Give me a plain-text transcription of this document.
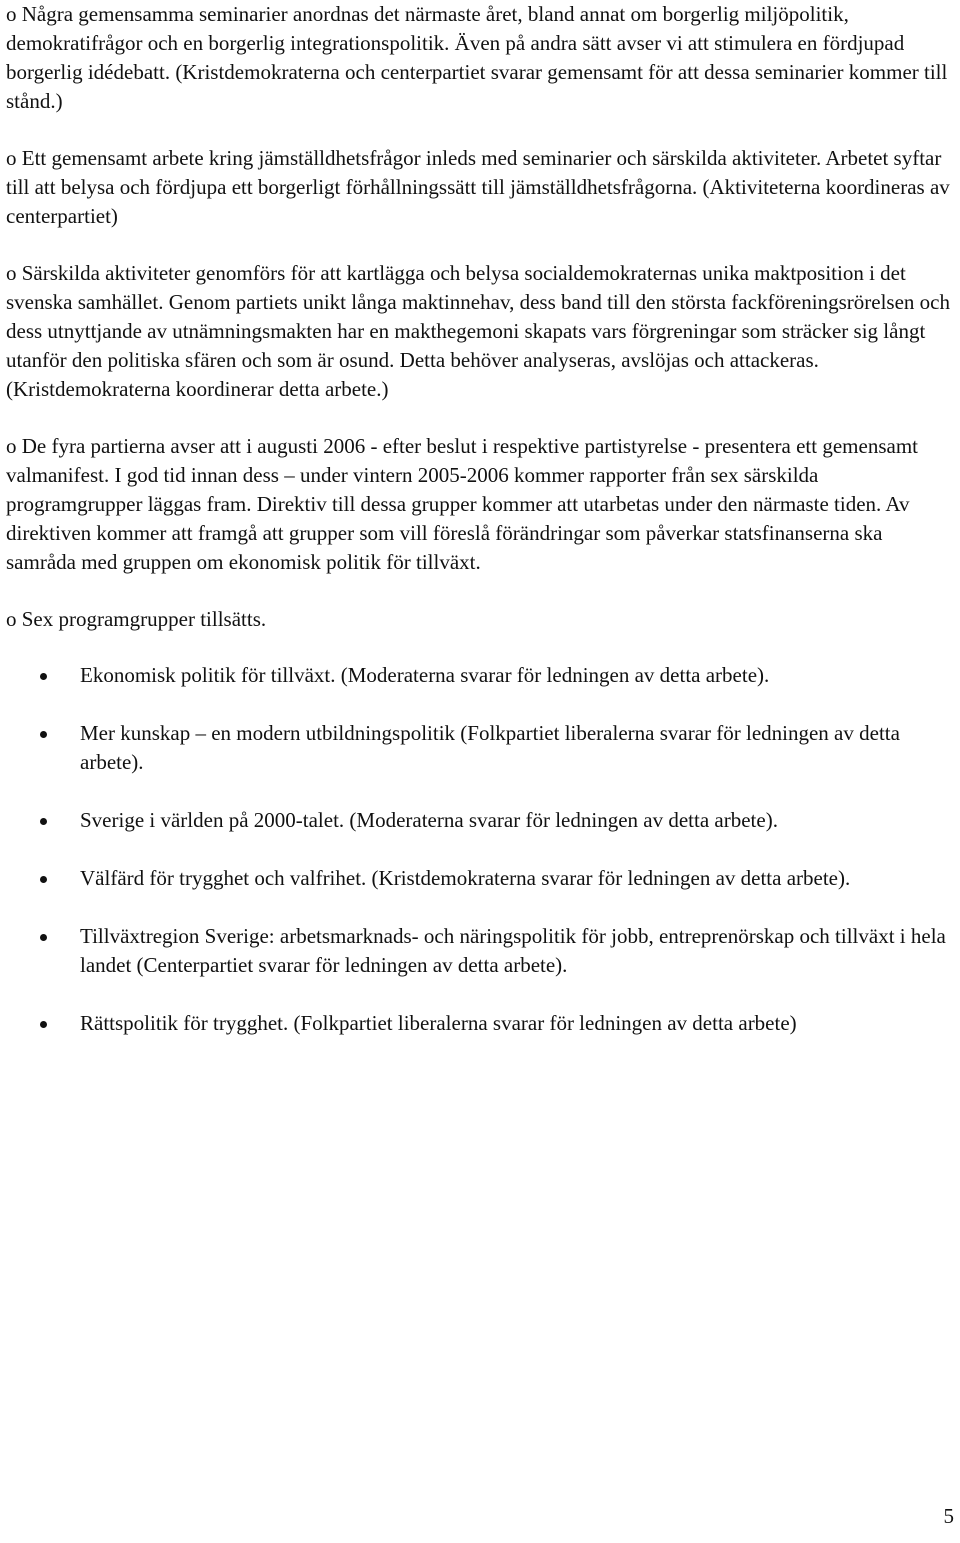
o Några gemensamma seminarier anordnas det närmaste året, bland annat om borgerlig miljöpolitik, demokratifrågor och en borgerlig integrationspolitik. Även på andra sätt avser vi att stimulera en fördjupad borgerlig idédebatt. (Kristdemokraterna och centerpartiet svarar gemensamt för att dessa seminarier kommer till stånd.)

o Ett gemensamt arbete kring jämställdhetsfrågor inleds med seminarier och särskilda aktiviteter. Arbetet syftar till att belysa och fördjupa ett borgerligt förhållningssätt till jämställdhetsfrågorna. (Aktiviteterna koordineras av centerpartiet)

o Särskilda aktiviteter genomförs för att kartlägga och belysa socialdemokraternas unika maktposition i det svenska samhället. Genom partiets unikt långa maktinnehav, dess band till den största fackföreningsrörelsen och dess utnyttjande av utnämningsmakten har en makthegemoni skapats vars förgreningar som sträcker sig långt utanför den politiska sfären och som är osund. Detta behöver analyseras, avslöjas och attackeras. (Kristdemokraterna koordinerar detta arbete.)

o De fyra partierna avser att i augusti 2006 - efter beslut i respektive partistyrelse - presentera ett gemensamt valmanifest. I god tid innan dess – under vintern 2005-2006 kommer rapporter från sex särskilda programgrupper läggas fram. Direktiv till dessa grupper kommer att utarbetas under den närmaste tiden. Av direktiven kommer att framgå att grupper som vill föreslå förändringar som påverkar statsfinanserna ska samråda med gruppen om ekonomisk politik för tillväxt.

o Sex programgrupper tillsätts.

Ekonomisk politik för tillväxt. (Moderaterna svarar för ledningen av detta arbete).
Mer kunskap – en modern utbildningspolitik (Folkpartiet liberalerna svarar för ledningen av detta arbete).
Sverige i världen på 2000-talet. (Moderaterna svarar för ledningen av detta arbete).
Välfärd för trygghet och valfrihet. (Kristdemokraterna svarar för ledningen av detta arbete).
Tillväxtregion Sverige: arbetsmarknads- och näringspolitik för jobb, entreprenörskap och tillväxt i hela landet (Centerpartiet svarar för ledningen av detta arbete).
Rättspolitik för trygghet. (Folkpartiet liberalerna svarar för ledningen av detta arbete)
5
